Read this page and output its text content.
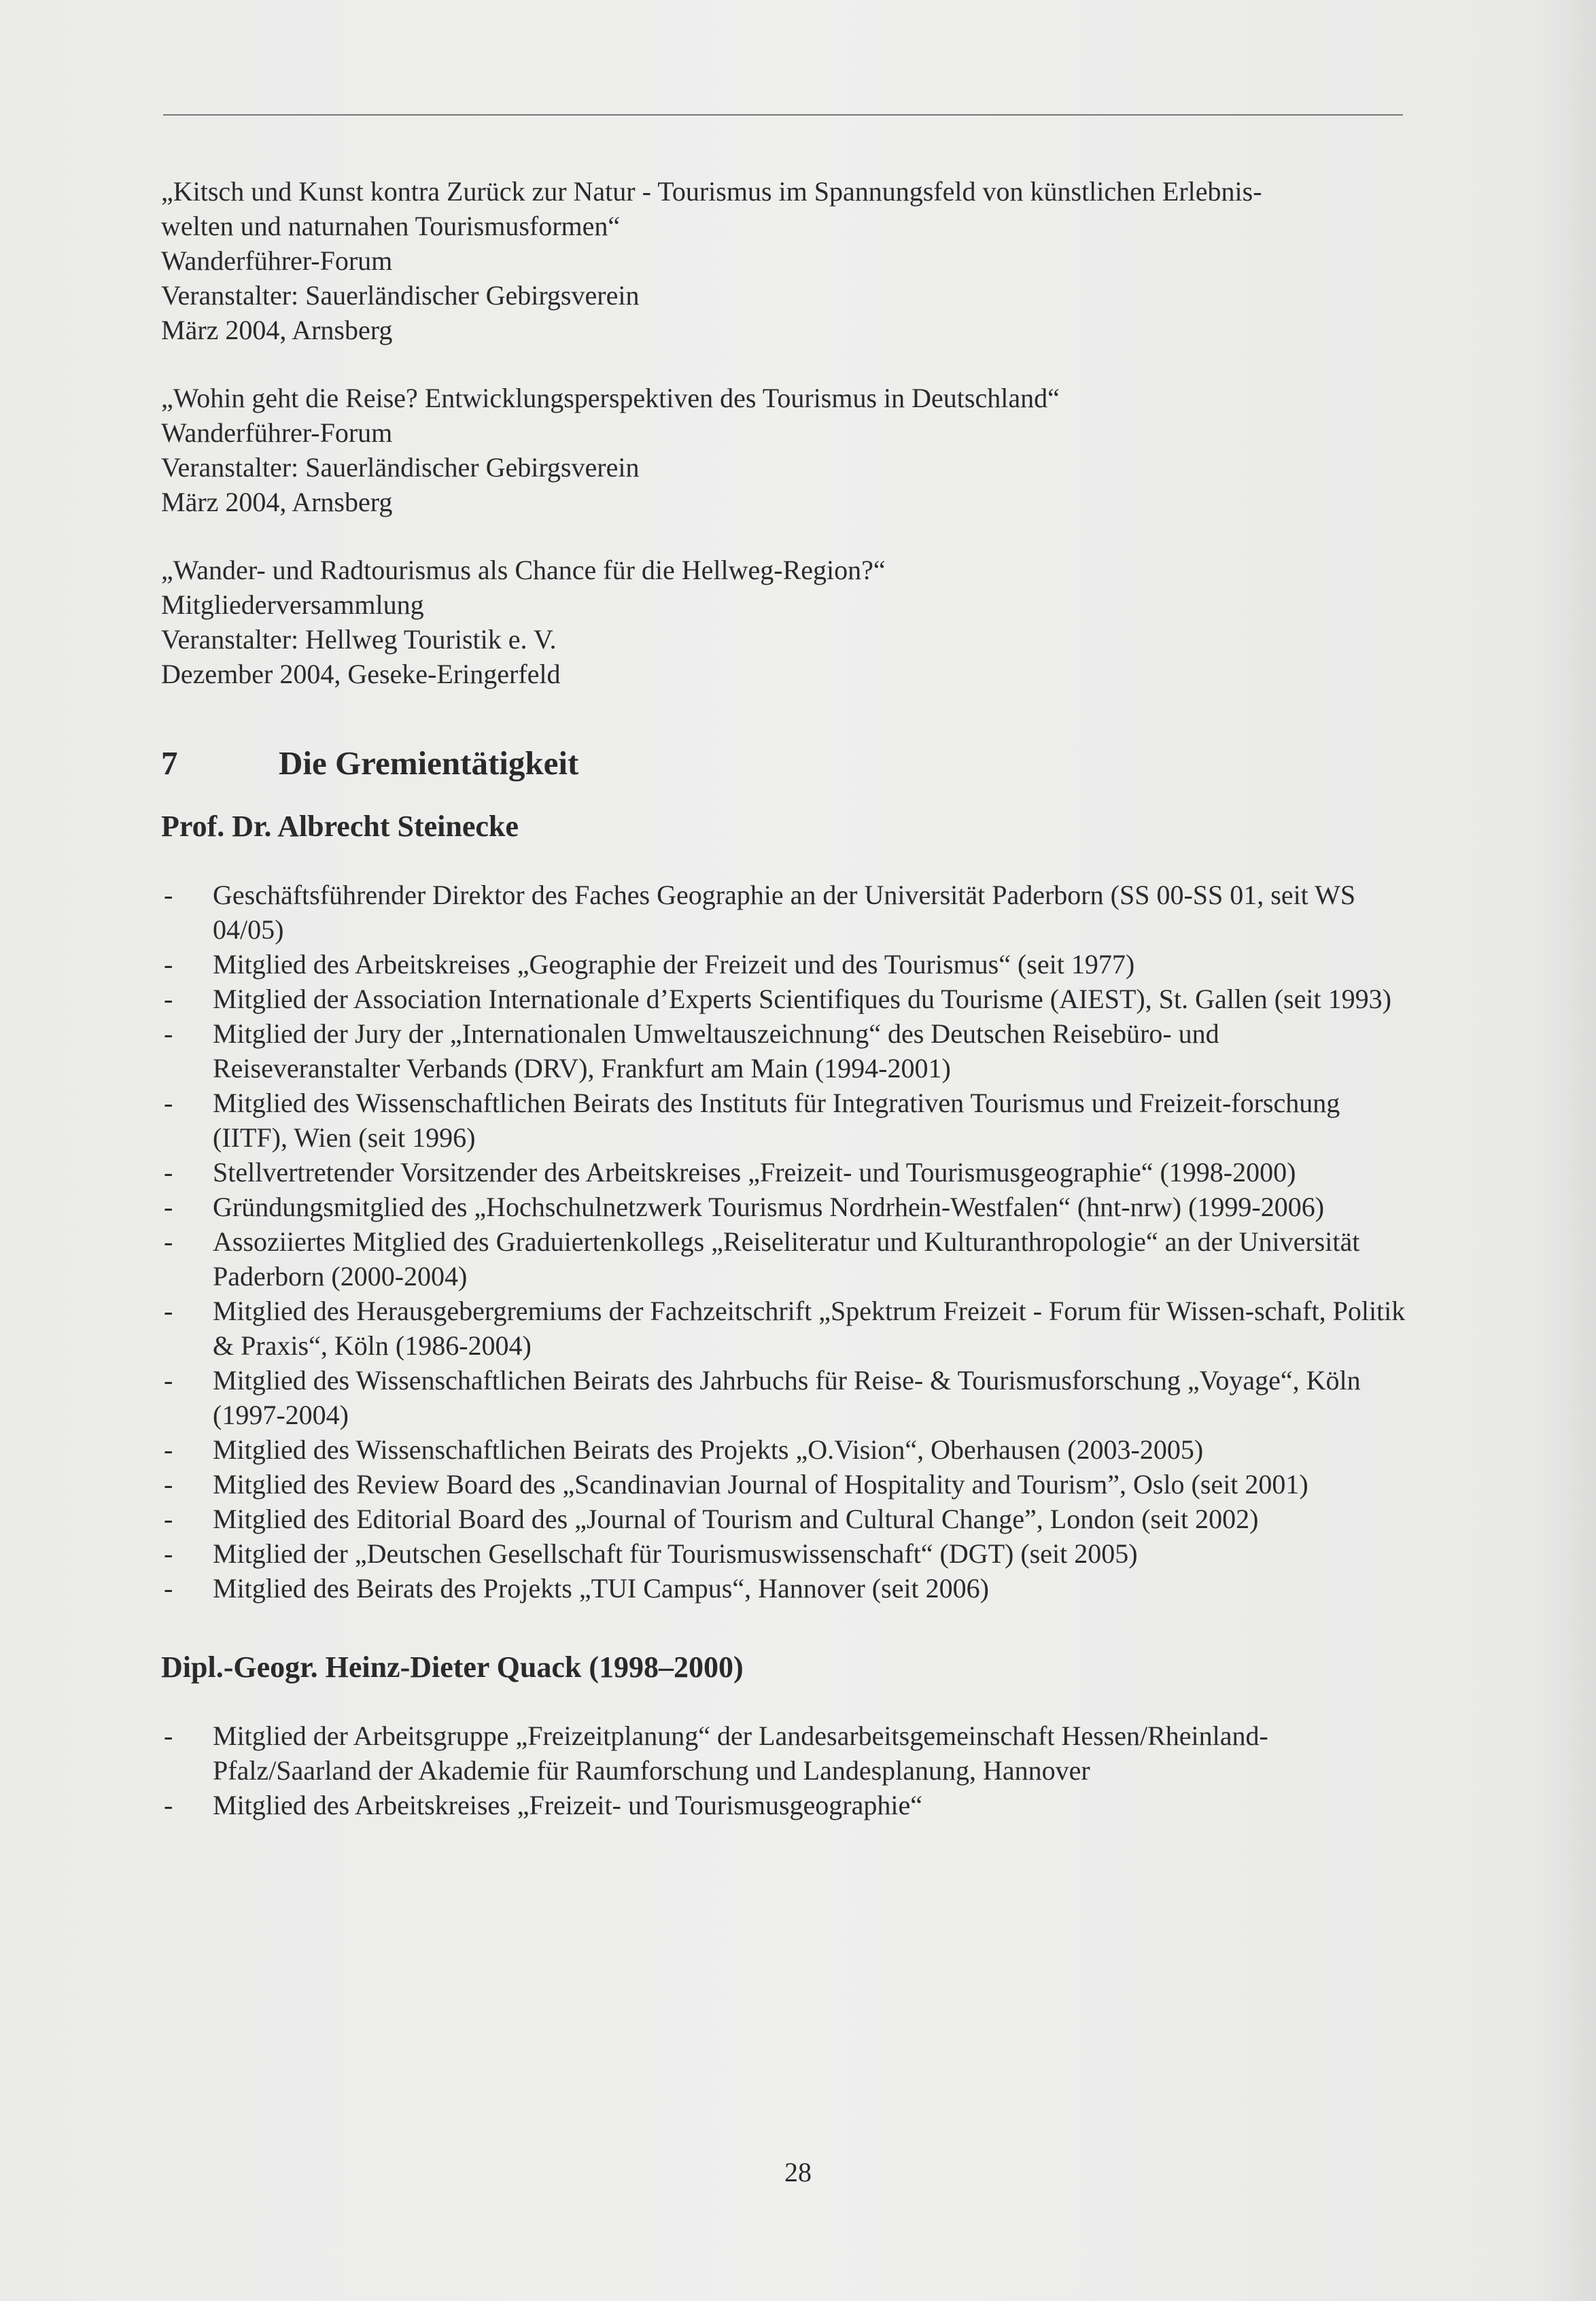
„Kitsch und Kunst kontra Zurück zur Natur - Tourismus im Spannungsfeld von künstlichen Erlebnis-
welten und naturnahen Tourismusformen“
Wanderführer-Forum
Veranstalter: Sauerländischer Gebirgsverein
März 2004, Arnsberg
„Wohin geht die Reise? Entwicklungsperspektiven des Tourismus in Deutschland“
Wanderführer-Forum
Veranstalter: Sauerländischer Gebirgsverein
März 2004, Arnsberg
„Wander- und Radtourismus als Chance für die Hellweg-Region?“
Mitgliederversammlung
Veranstalter: Hellweg Touristik e. V.
Dezember 2004, Geseke-Eringerfeld
7	Die Gremientätigkeit
Prof. Dr. Albrecht Steinecke
- Geschäftsführender Direktor des Faches Geographie an der Universität Paderborn (SS 00-SS 01, seit WS 04/05)
- Mitglied des Arbeitskreises „Geographie der Freizeit und des Tourismus“ (seit 1977)
- Mitglied der Association Internationale d’Experts Scientifiques du Tourisme (AIEST), St. Gallen (seit 1993)
- Mitglied der Jury der „Internationalen Umweltauszeichnung“ des Deutschen Reisebüro- und Reiseveranstalter Verbands (DRV), Frankfurt am Main (1994-2001)
- Mitglied des Wissenschaftlichen Beirats des Instituts für Integrativen Tourismus und Freizeit-forschung (IITF), Wien (seit 1996)
- Stellvertretender Vorsitzender des Arbeitskreises „Freizeit- und Tourismusgeographie“ (1998-2000)
- Gründungsmitglied des „Hochschulnetzwerk Tourismus Nordrhein-Westfalen“ (hnt-nrw) (1999-2006)
- Assoziiertes Mitglied des Graduiertenkollegs „Reiseliteratur und Kulturanthropologie“ an der Universität Paderborn (2000-2004)
- Mitglied des Herausgebergremiums der Fachzeitschrift „Spektrum Freizeit - Forum für Wissen-schaft, Politik & Praxis“, Köln (1986-2004)
- Mitglied des Wissenschaftlichen Beirats des Jahrbuchs für Reise- & Tourismusforschung „Voyage“, Köln (1997-2004)
- Mitglied des Wissenschaftlichen Beirats des Projekts „O.Vision“, Oberhausen (2003-2005)
- Mitglied des Review Board des „Scandinavian Journal of Hospitality and Tourism”, Oslo (seit 2001)
- Mitglied des Editorial Board des „Journal of Tourism and Cultural Change”, London (seit 2002)
- Mitglied der „Deutschen Gesellschaft für Tourismuswissenschaft“ (DGT) (seit 2005)
- Mitglied des Beirats des Projekts „TUI Campus“, Hannover (seit 2006)
Dipl.-Geogr. Heinz-Dieter Quack (1998–2000)
- Mitglied der Arbeitsgruppe „Freizeitplanung“ der Landesarbeitsgemeinschaft Hessen/Rheinland-Pfalz/Saarland der Akademie für Raumforschung und Landesplanung, Hannover
- Mitglied des Arbeitskreises „Freizeit- und Tourismusgeographie“
28
